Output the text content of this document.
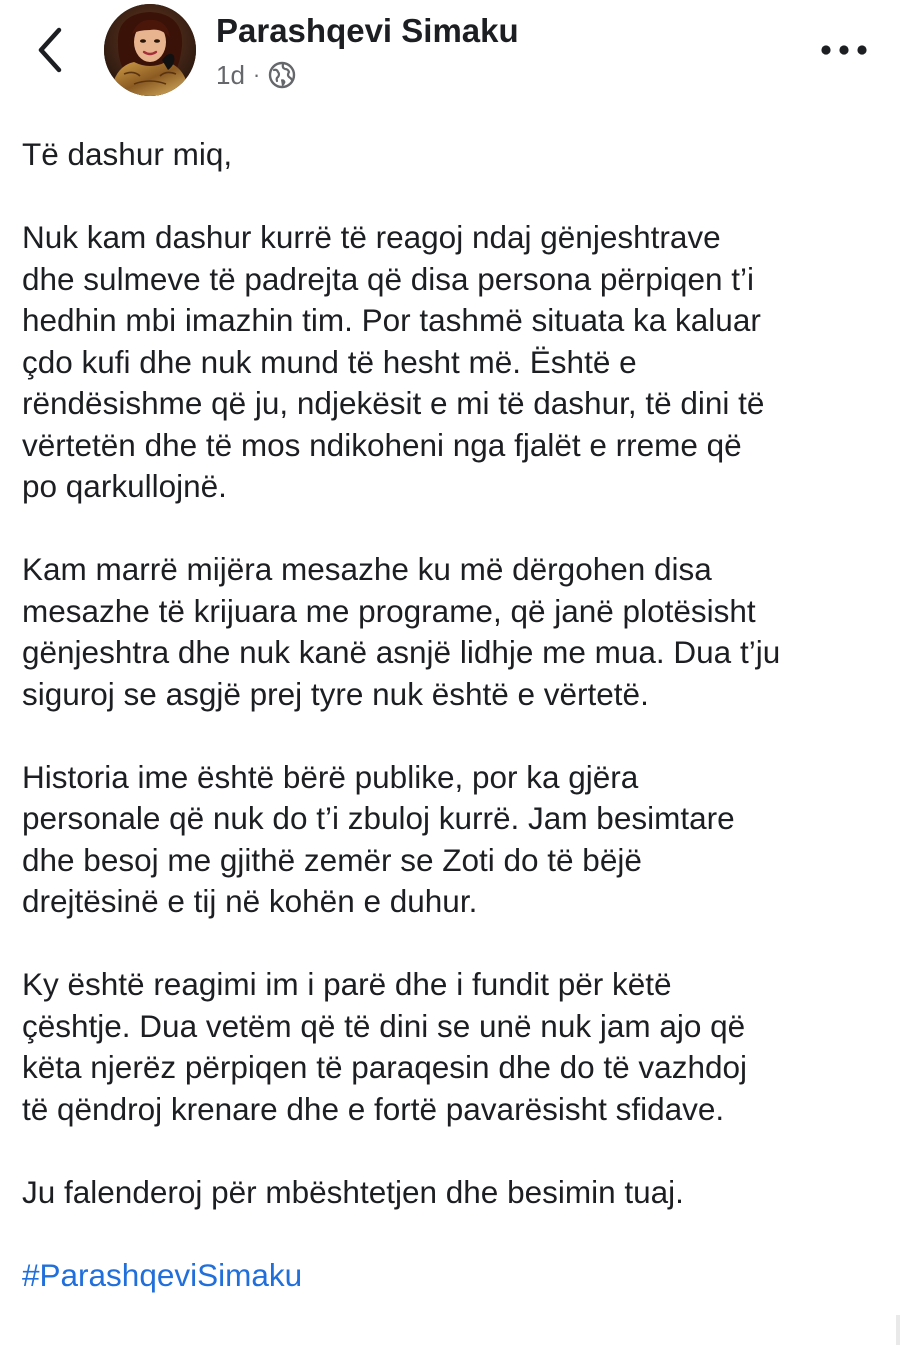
Parashqevi Simaku
1d ·

Të dashur miq,

Nuk kam dashur kurrë të reagoj ndaj gënjeshtrave
dhe sulmeve të padrejta që disa persona përpiqen t’i
hedhin mbi imazhin tim. Por tashmë situata ka kaluar
çdo kufi dhe nuk mund të hesht më. Është e
rëndësishme që ju, ndjekësit e mi të dashur, të dini të
vërtetën dhe të mos ndikoheni nga fjalët e rreme që
po qarkullojnë.

Kam marrë mijëra mesazhe ku më dërgohen disa
mesazhe të krijuara me programe, që janë plotësisht
gënjeshtra dhe nuk kanë asnjë lidhje me mua. Dua t’ju
siguroj se asgjë prej tyre nuk është e vërtetë.

Historia ime është bërë publike, por ka gjëra
personale që nuk do t’i zbuloj kurrë. Jam besimtare
dhe besoj me gjithë zemër se Zoti do të bëjë
drejtësinë e tij në kohën e duhur.

Ky është reagimi im i parë dhe i fundit për këtë
çështje. Dua vetëm që të dini se unë nuk jam ajo që
këta njerëz përpiqen të paraqesin dhe do të vazhdoj
të qëndroj krenare dhe e fortë pavarësisht sfidave.

Ju falenderoj për mbështetjen dhe besimin tuaj.

#ParashqeviSimaku
